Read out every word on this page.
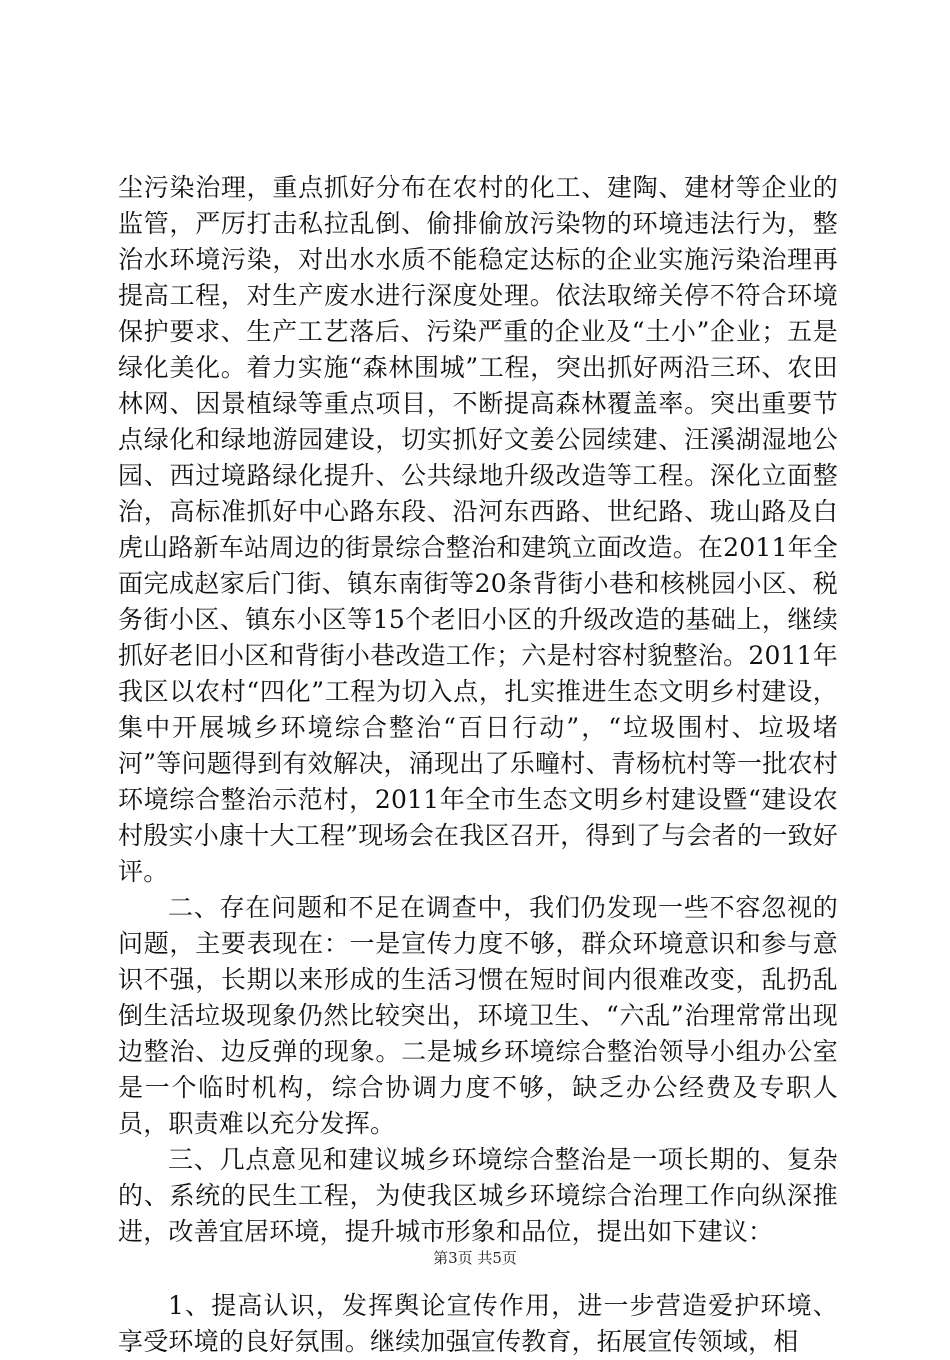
尘污染治理，重点抓好分布在农村的化工、建陶、建材等企业的监管，严厉打击私拉乱倒、偷排偷放污染物的环境违法行为，整治水环境污染，对出水水质不能稳定达标的企业实施污染治理再提高工程，对生产废水进行深度处理。依法取缔关停不符合环境保护要求、生产工艺落后、污染严重的企业及“土小”企业；五是绿化美化。着力实施“森林围城”工程，突出抓好两沿三环、农田林网、因景植绿等重点项目，不断提高森林覆盖率。突出重要节点绿化和绿地游园建设，切实抓好文姜公园续建、汪溪湖湿地公园、西过境路绿化提升、公共绿地升级改造等工程。深化立面整治，高标准抓好中心路东段、沿河东西路、世纪路、珑山路及白虎山路新车站周边的街景综合整治和建筑立面改造。在2011年全面完成赵家后门街、镇东南街等20条背街小巷和核桃园小区、税务街小区、镇东小区等15个老旧小区的升级改造的基础上，继续抓好老旧小区和背街小巷改造工作；六是村容村貌整治。2011年我区以农村“四化”工程为切入点，扎实推进生态文明乡村建设，集中开展城乡环境综合整治“百日行动”，“垃圾围村、垃圾堵河”等问题得到有效解决，涌现出了乐疃村、青杨杭村等一批农村环境综合整治示范村，2011年全市生态文明乡村建设暨“建设农村殷实小康十大工程”现场会在我区召开，得到了与会者的一致好评。

二、存在问题和不足在调查中，我们仍发现一些不容忽视的问题，主要表现在：一是宣传力度不够，群众环境意识和参与意识不强，长期以来形成的生活习惯在短时间内很难改变，乱扔乱倒生活垃圾现象仍然比较突出，环境卫生、“六乱”治理常常出现边整治、边反弹的现象。二是城乡环境综合整治领导小组办公室是一个临时机构，综合协调力度不够，缺乏办公经费及专职人员，职责难以充分发挥。

三、几点意见和建议城乡环境综合整治是一项长期的、复杂的、系统的民生工程，为使我区城乡环境综合治理工作向纵深推进，改善宜居环境，提升城市形象和品位，提出如下建议：

1、提高认识，发挥舆论宣传作用，进一步营造爱护环境、享受环境的良好氛围。继续加强宣传教育，拓展宣传领域，相

第3页 共5页
